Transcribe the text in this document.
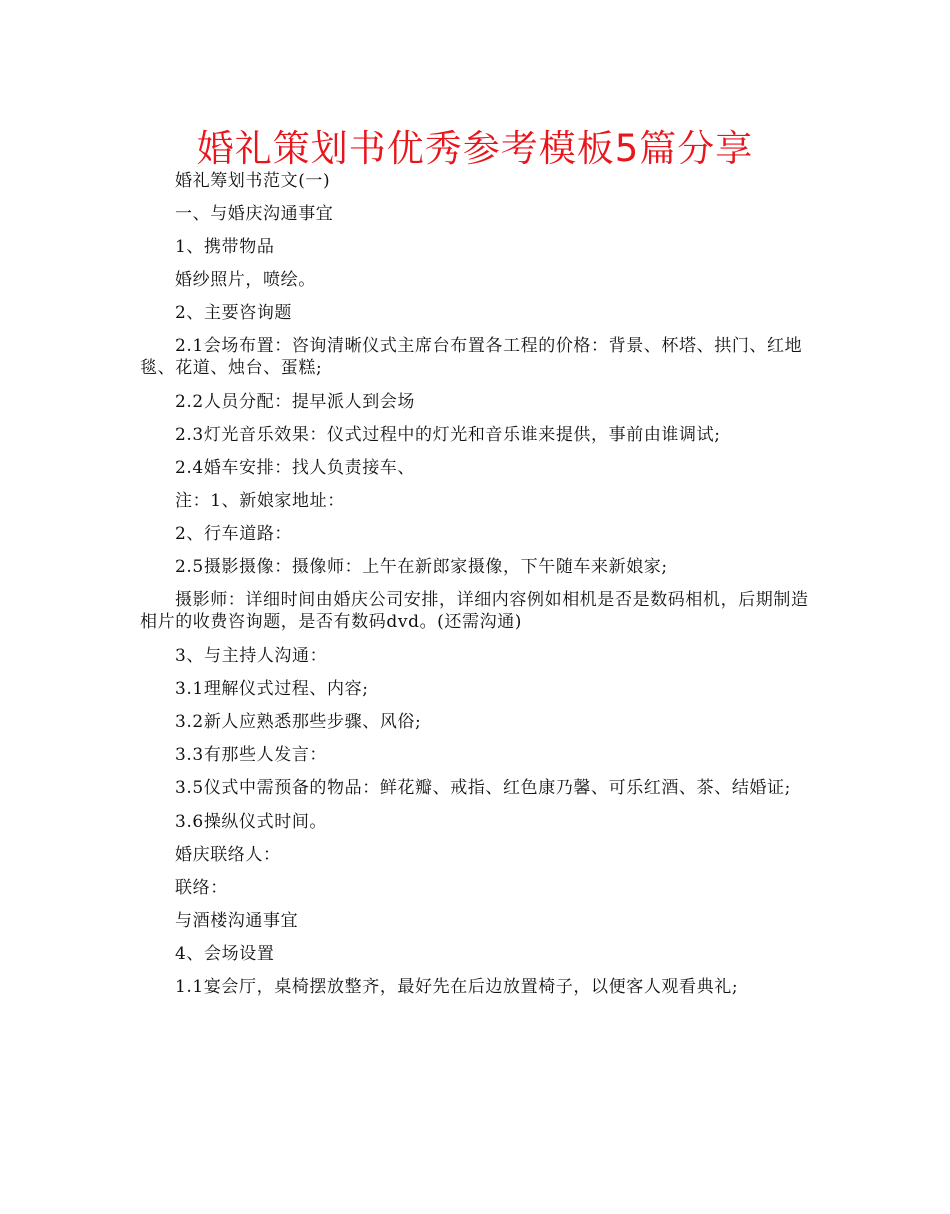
婚礼策划书优秀参考模板5篇分享

婚礼筹划书范文(一)

一、与婚庆沟通事宜

1、携带物品

婚纱照片，喷绘。

2、主要咨询题

2.1会场布置：咨询清晰仪式主席台布置各工程的价格：背景、杯塔、拱门、红地毯、花道、烛台、蛋糕;

2.2人员分配：提早派人到会场

2.3灯光音乐效果：仪式过程中的灯光和音乐谁来提供，事前由谁调试;

2.4婚车安排：找人负责接车、

注：1、新娘家地址：

2、行车道路：

2.5摄影摄像：摄像师：上午在新郎家摄像，下午随车来新娘家;

摄影师：详细时间由婚庆公司安排，详细内容例如相机是否是数码相机，后期制造相片的收费咨询题，是否有数码dvd。(还需沟通)

3、与主持人沟通：

3.1理解仪式过程、内容;

3.2新人应熟悉那些步骤、风俗;

3.3有那些人发言：

3.5仪式中需预备的物品：鲜花瓣、戒指、红色康乃馨、可乐红酒、茶、结婚证;

3.6操纵仪式时间。

婚庆联络人：

联络：

与酒楼沟通事宜

4、会场设置

1.1宴会厅，桌椅摆放整齐，最好先在后边放置椅子，以便客人观看典礼;
